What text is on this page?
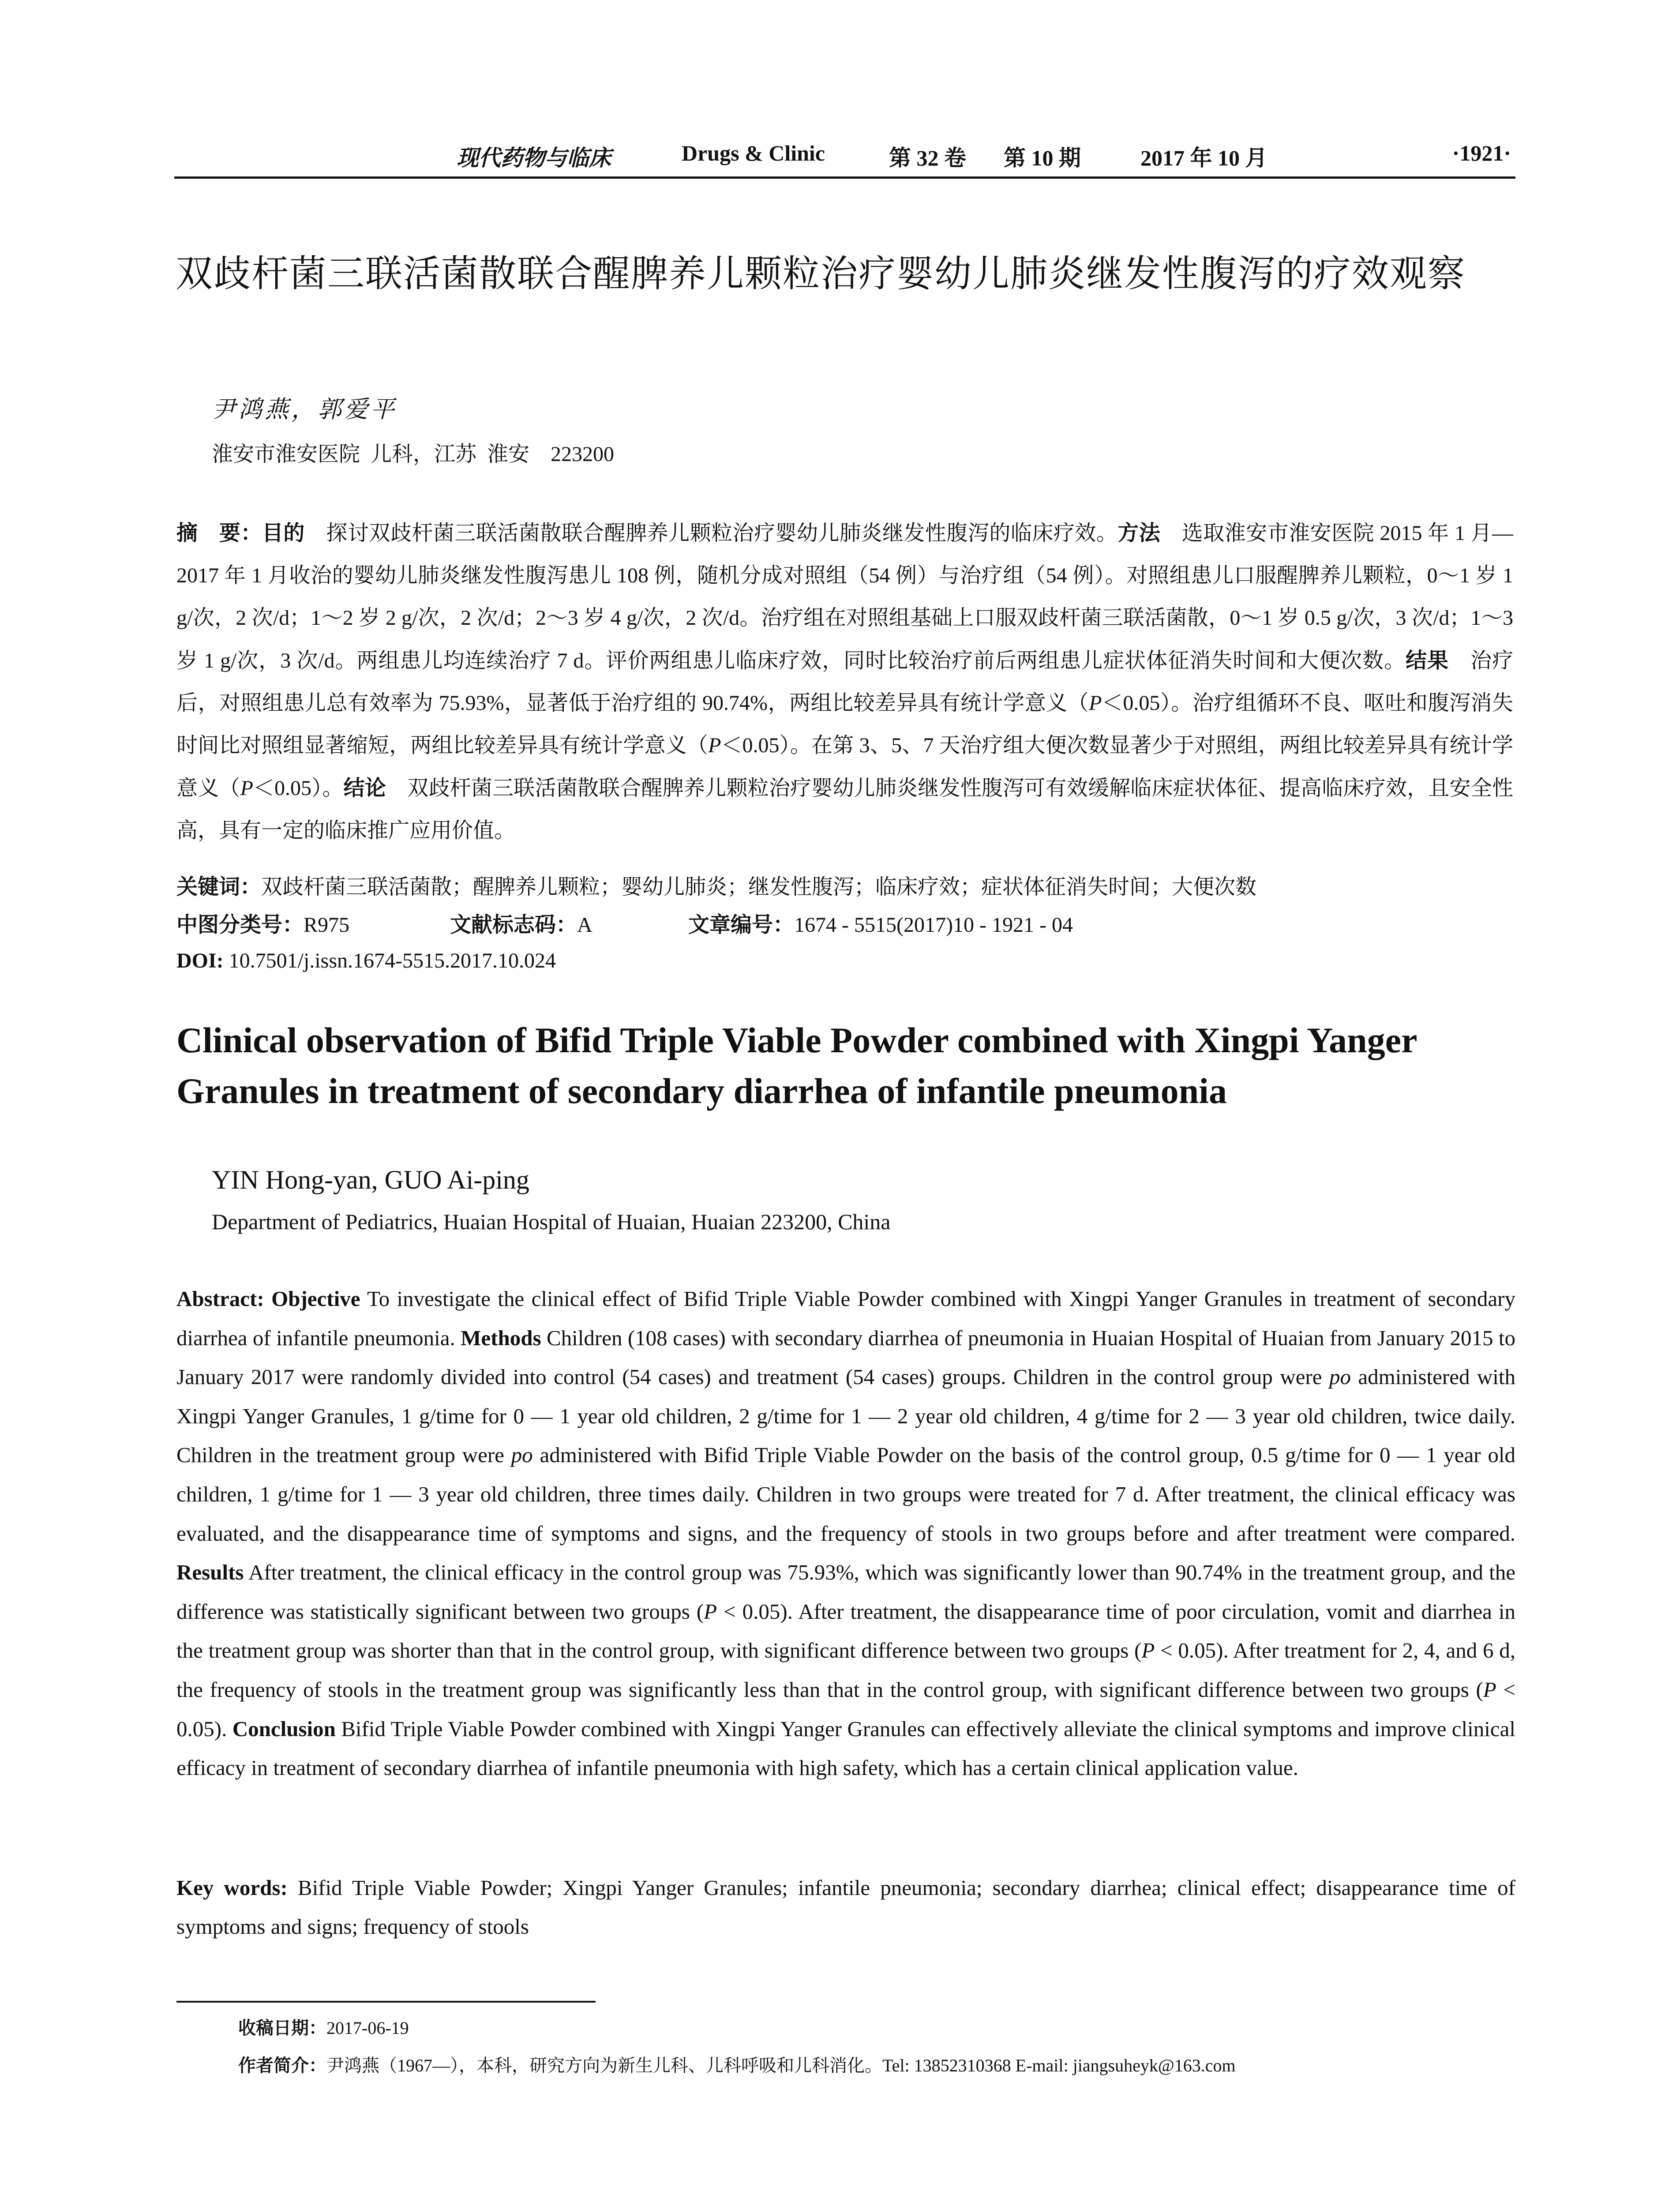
现代药物与临床	Drugs & Clinic	第 32 卷 第 10 期	2017 年 10 月	·1921·
双歧杆菌三联活菌散联合醒脾养儿颗粒治疗婴幼儿肺炎继发性腹泻的疗效观察
尹鸿燕，郭爱平
淮安市淮安医院  儿科，江苏  淮安    223200
摘　要：目的　探讨双歧杆菌三联活菌散联合醒脾养儿颗粒治疗婴幼儿肺炎继发性腹泻的临床疗效。方法　选取淮安市淮安医院 2015 年 1 月—2017 年 1 月收治的婴幼儿肺炎继发性腹泻患儿 108 例，随机分成对照组（54 例）与治疗组（54 例）。对照组患儿口服醒脾养儿颗粒，0～1 岁 1 g/次，2 次/d；1～2 岁 2 g/次，2 次/d；2～3 岁 4 g/次，2 次/d。治疗组在对照组基础上口服双歧杆菌三联活菌散，0～1 岁 0.5 g/次，3 次/d；1～3 岁 1 g/次，3 次/d。两组患儿均连续治疗 7 d。评价两组患儿临床疗效，同时比较治疗前后两组患儿症状体征消失时间和大便次数。结果　治疗后，对照组患儿总有效率为 75.93%，显著低于治疗组的 90.74%，两组比较差异具有统计学意义（P＜0.05）。治疗组循环不良、呕吐和腹泻消失时间比对照组显著缩短，两组比较差异具有统计学意义（P＜0.05）。在第 3、5、7 天治疗组大便次数显著少于对照组，两组比较差异具有统计学意义（P＜0.05）。结论　双歧杆菌三联活菌散联合醒脾养儿颗粒治疗婴幼儿肺炎继发性腹泻可有效缓解临床症状体征、提高临床疗效，且安全性高，具有一定的临床推广应用价值。
关键词：双歧杆菌三联活菌散；醒脾养儿颗粒；婴幼儿肺炎；继发性腹泻；临床疗效；症状体征消失时间；大便次数
中图分类号：R975	文献标志码：A	文章编号：1674 - 5515(2017)10 - 1921 - 04
DOI: 10.7501/j.issn.1674-5515.2017.10.024
Clinical observation of Bifid Triple Viable Powder combined with Xingpi Yanger Granules in treatment of secondary diarrhea of infantile pneumonia
YIN Hong-yan, GUO Ai-ping
Department of Pediatrics, Huaian Hospital of Huaian, Huaian 223200, China
Abstract: Objective To investigate the clinical effect of Bifid Triple Viable Powder combined with Xingpi Yanger Granules in treatment of secondary diarrhea of infantile pneumonia. Methods Children (108 cases) with secondary diarrhea of pneumonia in Huaian Hospital of Huaian from January 2015 to January 2017 were randomly divided into control (54 cases) and treatment (54 cases) groups. Children in the control group were po administered with Xingpi Yanger Granules, 1 g/time for 0 — 1 year old children, 2 g/time for 1 — 2 year old children, 4 g/time for 2 — 3 year old children, twice daily. Children in the treatment group were po administered with Bifid Triple Viable Powder on the basis of the control group, 0.5 g/time for 0 — 1 year old children, 1 g/time for 1 — 3 year old children, three times daily. Children in two groups were treated for 7 d. After treatment, the clinical efficacy was evaluated, and the disappearance time of symptoms and signs, and the frequency of stools in two groups before and after treatment were compared. Results After treatment, the clinical efficacy in the control group was 75.93%, which was significantly lower than 90.74% in the treatment group, and the difference was statistically significant between two groups (P < 0.05). After treatment, the disappearance time of poor circulation, vomit and diarrhea in the treatment group was shorter than that in the control group, with significant difference between two groups (P < 0.05). After treatment for 2, 4, and 6 d, the frequency of stools in the treatment group was significantly less than that in the control group, with significant difference between two groups (P < 0.05). Conclusion Bifid Triple Viable Powder combined with Xingpi Yanger Granules can effectively alleviate the clinical symptoms and improve clinical efficacy in treatment of secondary diarrhea of infantile pneumonia with high safety, which has a certain clinical application value.
Key words: Bifid Triple Viable Powder; Xingpi Yanger Granules; infantile pneumonia; secondary diarrhea; clinical effect; disappearance time of symptoms and signs; frequency of stools
收稿日期：2017-06-19
作者简介：尹鸿燕（1967—），本科，研究方向为新生儿科、儿科呼吸和儿科消化。Tel: 13852310368 E-mail: jiangsuheyk@163.com
